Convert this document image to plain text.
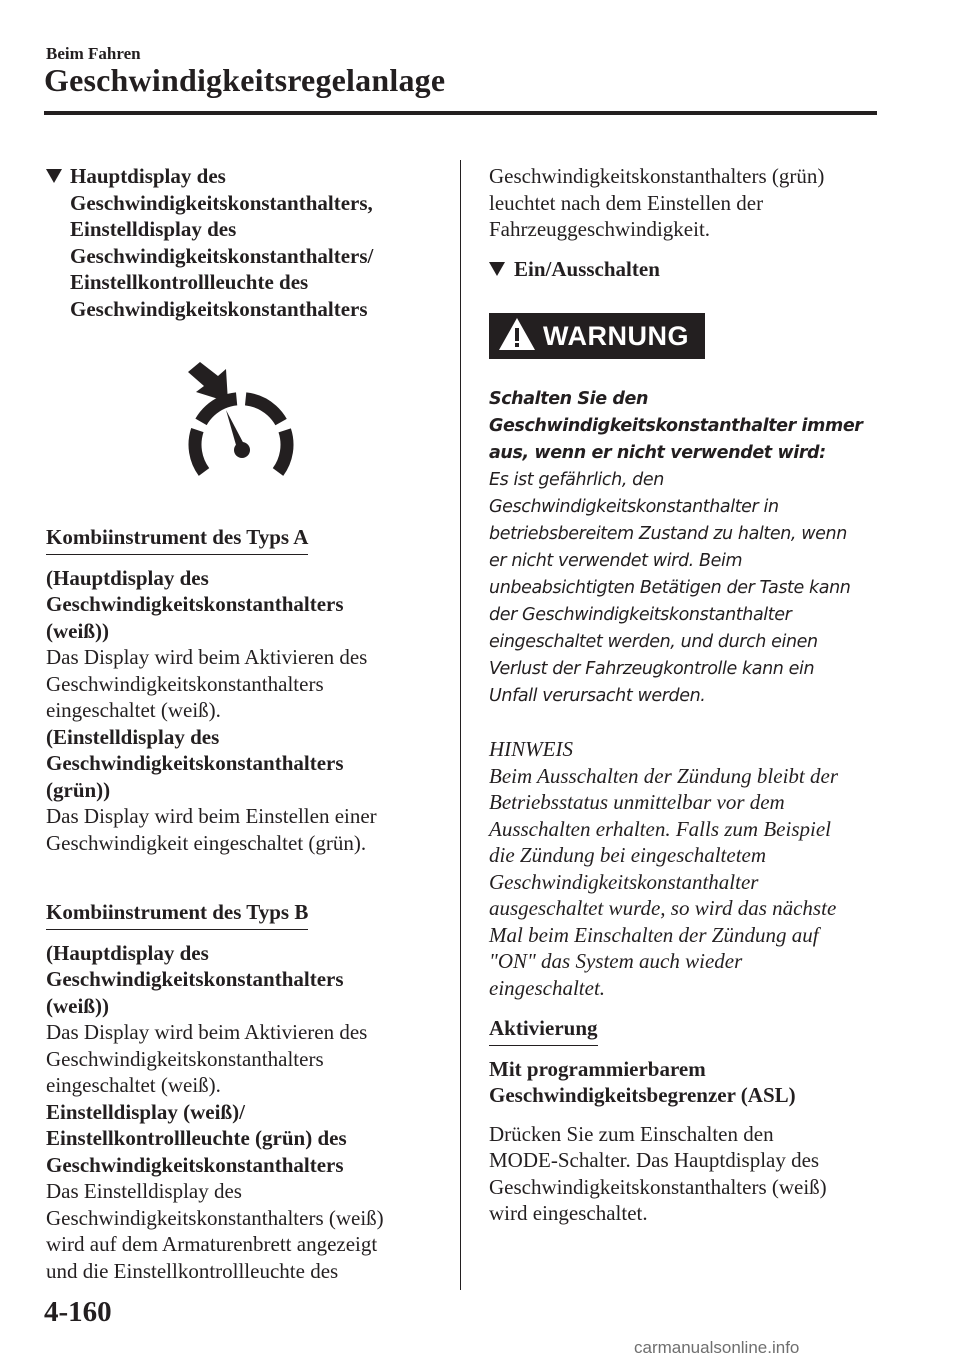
Beim Fahren
Geschwindigkeitsregelanlage

Hauptdisplay des

Geschwindigkeitskonstanthalters,

Einstelldisplay des

Geschwindigkeitskonstanthalters/

Einstellkontrollleuchte des

Geschwindigkeitskonstanthalters

Kombiinstrument des Typs A

(Hauptdisplay des

Geschwindigkeitskonstanthalters

(weiß))

Das Display wird beim Aktivieren des

Geschwindigkeitskonstanthalters

eingeschaltet (weiß).

(Einstelldisplay des

Geschwindigkeitskonstanthalters

(grün))

Das Display wird beim Einstellen einer

Geschwindigkeit eingeschaltet (grün).

Kombiinstrument des Typs B

(Hauptdisplay des

Geschwindigkeitskonstanthalters

(weiß))

Das Display wird beim Aktivieren des

Geschwindigkeitskonstanthalters

eingeschaltet (weiß).

Einstelldisplay (weiß)/

Einstellkontrollleuchte (grün) des

Geschwindigkeitskonstanthalters

Das Einstelldisplay des

Geschwindigkeitskonstanthalters (weiß)

wird auf dem Armaturenbrett angezeigt

und die Einstellkontrollleuchte des

Geschwindigkeitskonstanthalters (grün)

leuchtet nach dem Einstellen der

Fahrzeuggeschwindigkeit.

Ein/Ausschalten
WARNUNG

Schalten Sie den

Geschwindigkeitskonstanthalter immer

aus, wenn er nicht verwendet wird:

Es ist gefährlich, den

Geschwindigkeitskonstanthalter in

betriebsbereitem Zustand zu halten, wenn

er nicht verwendet wird. Beim

unbeabsichtigten Betätigen der Taste kann

der Geschwindigkeitskonstanthalter

eingeschaltet werden, und durch einen

Verlust der Fahrzeugkontrolle kann ein

Unfall verursacht werden.

HINWEIS

Beim Ausschalten der Zündung bleibt der

Betriebsstatus unmittelbar vor dem

Ausschalten erhalten. Falls zum Beispiel

die Zündung bei eingeschaltetem

Geschwindigkeitskonstanthalter

ausgeschaltet wurde, so wird das nächste

Mal beim Einschalten der Zündung auf

"ON" das System auch wieder

eingeschaltet.

Aktivierung

Mit programmierbarem

Geschwindigkeitsbegrenzer (ASL)

Drücken Sie zum Einschalten den

MODE-Schalter. Das Hauptdisplay des

Geschwindigkeitskonstanthalters (weiß)

wird eingeschaltet.

4-160
carmanualsonline.info
